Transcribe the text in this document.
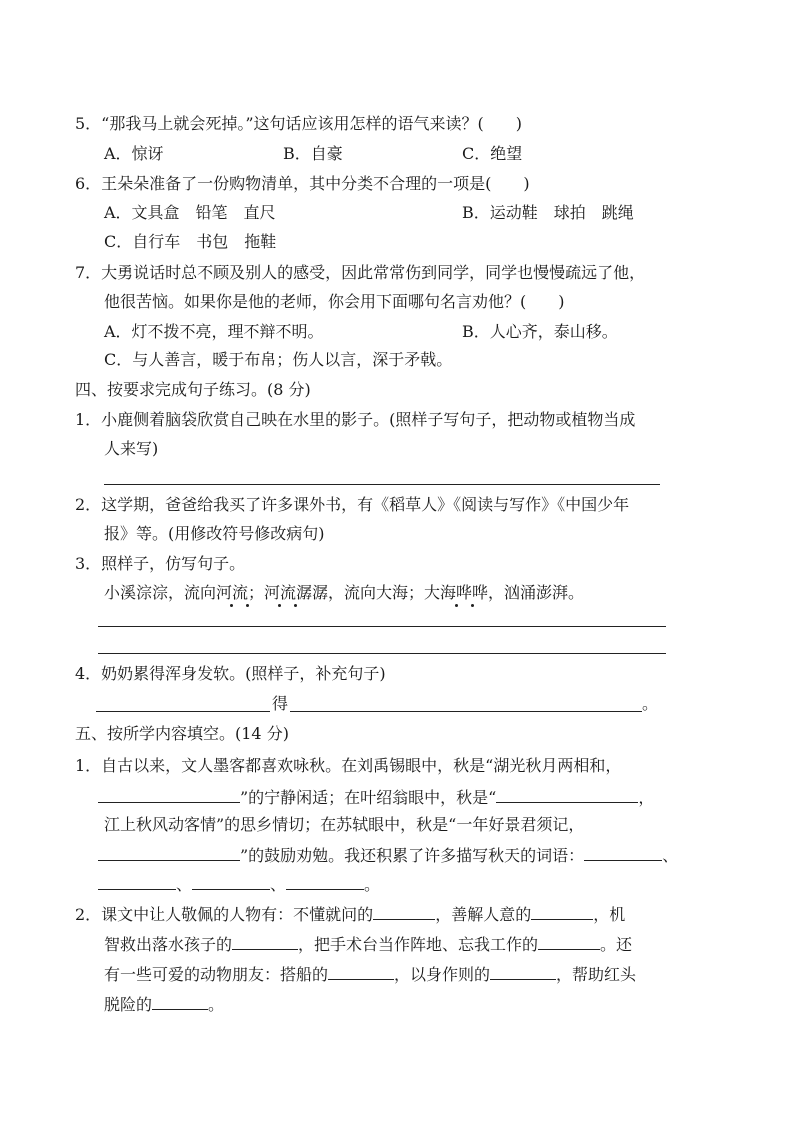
5．“那我马上就会死掉。”这句话应该用怎样的语气来读？(　　)
A．惊讶	B．自豪	C．绝望
6．王朵朵准备了一份购物清单，其中分类不合理的一项是(　　)
A．文具盒　铅笔　直尺	B．运动鞋　球拍　跳绳
C．自行车　书包　拖鞋
7．大勇说话时总不顾及别人的感受，因此常常伤到同学，同学也慢慢疏远了他，
他很苦恼。如果你是他的老师，你会用下面哪句名言劝他？(　　)
A．灯不拨不亮，理不辩不明。	B．人心齐，泰山移。
C．与人善言，暖于布帛；伤人以言，深于矛戟。
四、按要求完成句子练习。(8 分)
1．小鹿侧着脑袋欣赏自己映在水里的影子。(照样子写句子，把动物或植物当成
人来写)
2．这学期，爸爸给我买了许多课外书，有《稻草人》《阅读与写作》《中国少年
报》等。(用修改符号修改病句)
3．照样子，仿写句子。
小溪淙淙，流向河流；河流潺潺，流向大海；大海哗哗，汹涌澎湃。
4．奶奶累得浑身发软。(照样子，补充句子)
得	。
五、按所学内容填空。(14 分)
1．自古以来，文人墨客都喜欢咏秋。在刘禹锡眼中，秋是“湖光秋月两相和，
”的宁静闲适；在叶绍翁眼中，秋是“	，
江上秋风动客情”的思乡情切；在苏轼眼中，秋是“一年好景君须记，
”的鼓励劝勉。我还积累了许多描写秋天的词语：	、
、	、	。
2．课文中让人敬佩的人物有：不懂就问的	，善解人意的	，机
智救出落水孩子的	，把手术台当作阵地、忘我工作的	。还
有一些可爱的动物朋友：搭船的	，以身作则的	，帮助红头
脱险的	。
